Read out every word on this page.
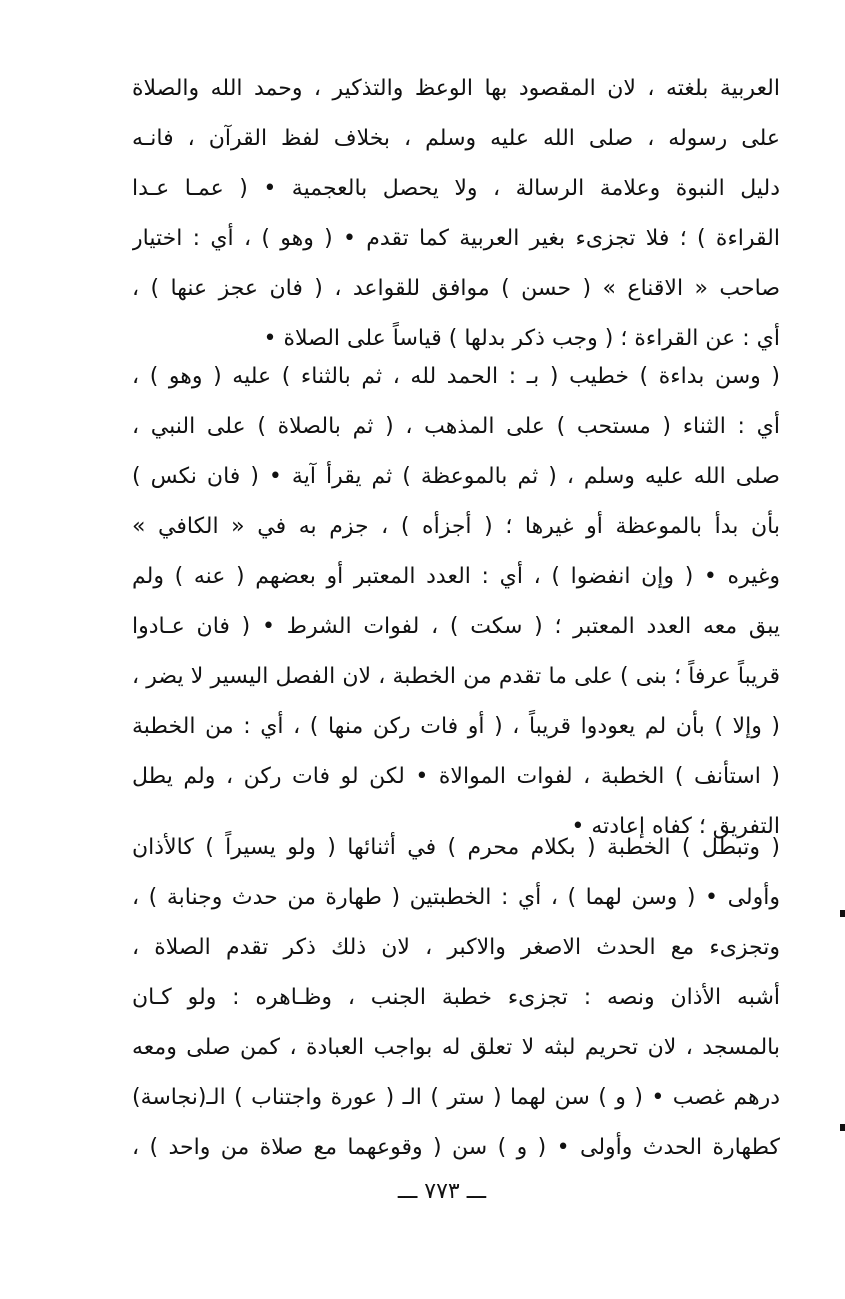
العربية بلغته ، لان المقصود بها الوعظ والتذكير ، وحمد الله والصلاة
على رسوله ، صلى الله عليه وسلم ، بخلاف لفظ القرآن ، فانـه
دليل النبوة وعلامة الرسالة ، ولا يحصل بالعجمية • ( عمـا عـدا
القراءة ) ؛ فلا تجزىء بغير العربية كما تقدم • ( وهو ) ، أي : اختيار
صاحب « الاقناع » ( حسن ) موافق للقواعد ، ( فان عجز عنها ) ،
أي : عن القراءة ؛ ( وجب ذكر بدلها ) قياساً على الصلاة •
( وسن بداءة ) خطيب ( بـ : الحمد لله ، ثم بالثناء ) عليه ( وهو ) ،
أي : الثناء ( مستحب ) على المذهب ، ( ثم بالصلاة ) على النبي ،
صلى الله عليه وسلم ، ( ثم بالموعظة ) ثم يقرأ آية • ( فان نكس )
بأن بدأ بالموعظة أو غيرها ؛ ( أجزأه ) ، جزم به في « الكافي »
وغيره • ( وإن انفضوا ) ، أي : العدد المعتبر أو بعضهم ( عنه ) ولم
يبق معه العدد المعتبر ؛ ( سكت ) ، لفوات الشرط • ( فان عـادوا
قريباً عرفاً ؛ بنى ) على ما تقدم من الخطبة ، لان الفصل اليسير لا يضر ،
( وإلا ) بأن لم يعودوا قريباً ، ( أو فات ركن منها ) ، أي : من الخطبة
( استأنف ) الخطبة ، لفوات الموالاة • لكن لو فات ركن ، ولم يطل
التفريق ؛ كفاه إعادته •
( وتبطل ) الخطبة ( بكلام محرم ) في أثنائها ( ولو يسيراً ) كالأذان
وأولى • ( وسن لهما ) ، أي : الخطبتين ( طهارة من حدث وجنابة ) ،
وتجزىء مع الحدث الاصغر والاكبر ، لان ذلك ذكر تقدم الصلاة ،
أشبه الأذان ونصه : تجزىء خطبة الجنب ، وظـاهره : ولو كـان
بالمسجد ، لان تحريم لبثه لا تعلق له بواجب العبادة ، كمن صلى ومعه
درهم غصب • ( و ) سن لهما ( ستر ) الـ ( عورة واجتناب ) الـ(نجاسة)
كطهارة الحدث وأولى • ( و ) سن ( وقوعهما مع صلاة من واحد ) ،
ـــ ٧٧٣ ـــ
